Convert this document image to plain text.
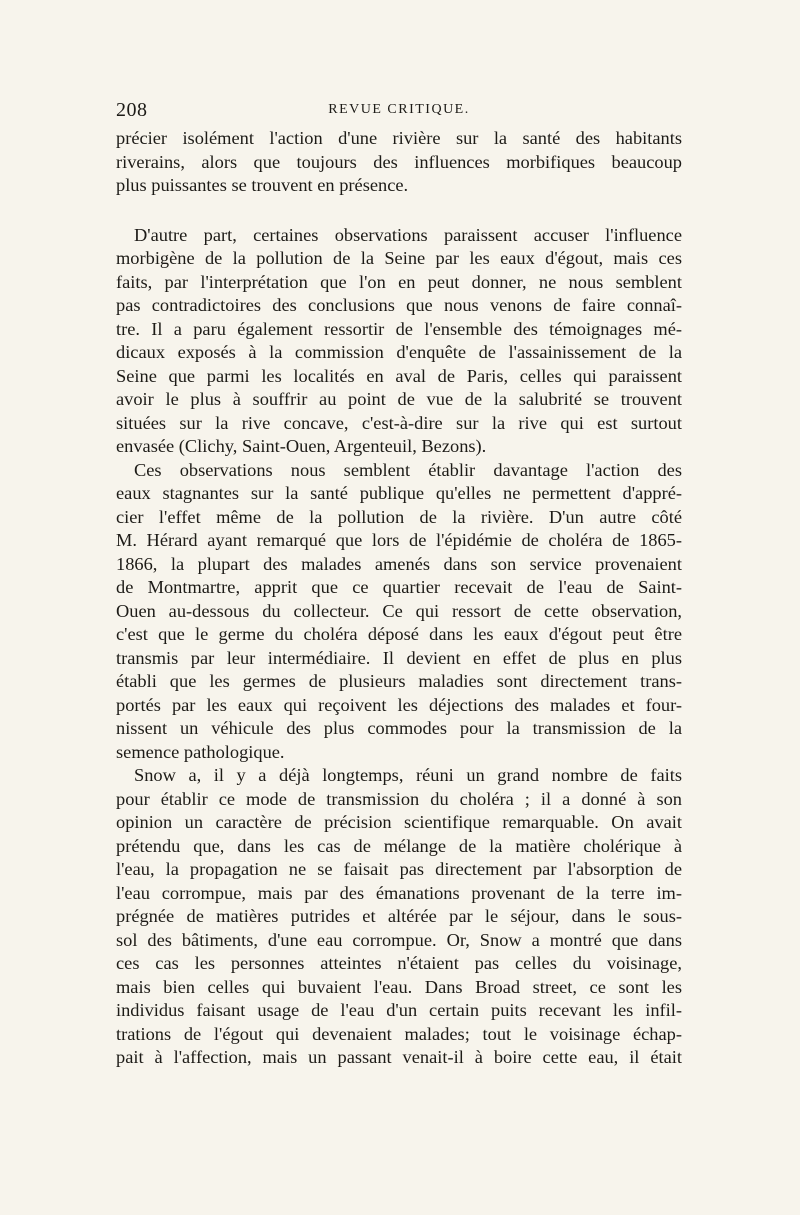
208	REVUE CRITIQUE.
précier isolément l'action d'une rivière sur la santé des habitants
riverains, alors que toujours des influences morbifiques beaucoup
plus puissantes se trouvent en présence.
D'autre part, certaines observations paraissent accuser l'influence
morbigène de la pollution de la Seine par les eaux d'égout, mais ces
faits, par l'interprétation que l'on en peut donner, ne nous semblent
pas contradictoires des conclusions que nous venons de faire connaî-
tre. Il a paru également ressortir de l'ensemble des témoignages mé-
dicaux exposés à la commission d'enquête de l'assainissement de la
Seine que parmi les localités en aval de Paris, celles qui paraissent
avoir le plus à souffrir au point de vue de la salubrité se trouvent
situées sur la rive concave, c'est-à-dire sur la rive qui est surtout
envasée (Clichy, Saint-Ouen, Argenteuil, Bezons).
Ces observations nous semblent établir davantage l'action des
eaux stagnantes sur la santé publique qu'elles ne permettent d'appré-
cier l'effet même de la pollution de la rivière. D'un autre côté
M. Hérard ayant remarqué que lors de l'épidémie de choléra de 1865-
1866, la plupart des malades amenés dans son service provenaient
de Montmartre, apprit que ce quartier recevait de l'eau de Saint-
Ouen au-dessous du collecteur. Ce qui ressort de cette observation,
c'est que le germe du choléra déposé dans les eaux d'égout peut être
transmis par leur intermédiaire. Il devient en effet de plus en plus
établi que les germes de plusieurs maladies sont directement trans-
portés par les eaux qui reçoivent les déjections des malades et four-
nissent un véhicule des plus commodes pour la transmission de la
semence pathologique.
Snow a, il y a déjà longtemps, réuni un grand nombre de faits
pour établir ce mode de transmission du choléra ; il a donné à son
opinion un caractère de précision scientifique remarquable. On avait
prétendu que, dans les cas de mélange de la matière cholérique à
l'eau, la propagation ne se faisait pas directement par l'absorption de
l'eau corrompue, mais par des émanations provenant de la terre im-
prégnée de matières putrides et altérée par le séjour, dans le sous-
sol des bâtiments, d'une eau corrompue. Or, Snow a montré que dans
ces cas les personnes atteintes n'étaient pas celles du voisinage,
mais bien celles qui buvaient l'eau. Dans Broad street, ce sont les
individus faisant usage de l'eau d'un certain puits recevant les infil-
trations de l'égout qui devenaient malades; tout le voisinage échap-
pait à l'affection, mais un passant venait-il à boire cette eau, il était
